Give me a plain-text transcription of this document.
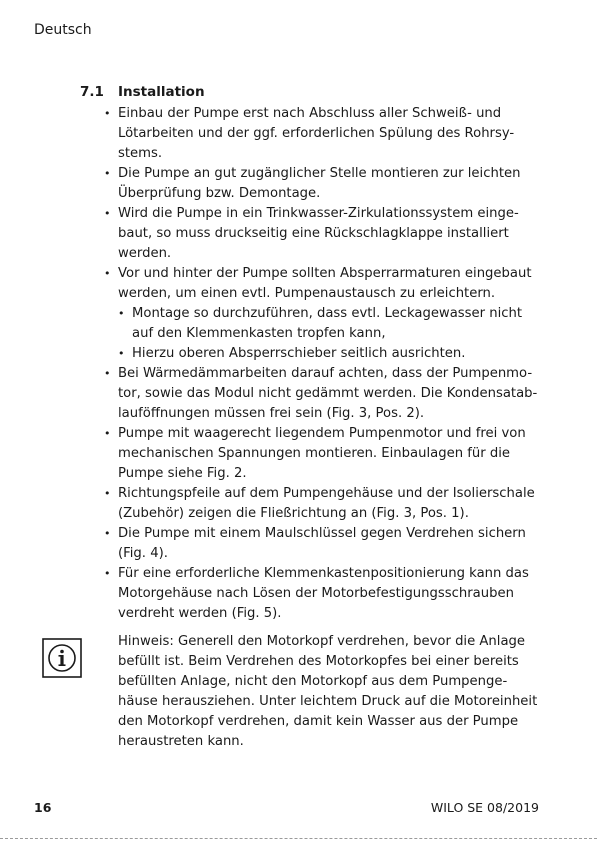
Deutsch
7.1	Installation
• Einbau der Pumpe erst nach Abschluss aller Schweiß- und Lötarbeiten und der ggf. erforderlichen Spülung des Rohrsy-stems.
• Die Pumpe an gut zugänglicher Stelle montieren zur leichten Überprüfung bzw. Demontage.
• Wird die Pumpe in ein Trinkwasser-Zirkulationssystem einge-baut, so muss druckseitig eine Rückschlagklappe installiert werden.
• Vor und hinter der Pumpe sollten Absperrarmaturen eingebaut werden, um einen evtl. Pumpenaustausch zu erleichtern.
• Montage so durchzuführen, dass evtl. Leckagewasser nicht auf den Klemmenkasten tropfen kann,
• Hierzu oberen Absperrschieber seitlich ausrichten.
• Bei Wärmedämmarbeiten darauf achten, dass der Pumpenmo-tor, sowie das Modul nicht gedämmt werden. Die Kondensatab-lauföffnungen müssen frei sein (Fig. 3, Pos. 2).
• Pumpe mit waagerecht liegendem Pumpenmotor und frei von mechanischen Spannungen montieren. Einbaulagen für die Pumpe siehe Fig. 2.
• Richtungspfeile auf dem Pumpengehäuse und der Isolierschale (Zubehör) zeigen die Fließrichtung an (Fig. 3, Pos. 1).
• Die Pumpe mit einem Maulschlüssel gegen Verdrehen sichern (Fig. 4).
• Für eine erforderliche Klemmenkastenpositionierung kann das Motorgehäuse nach Lösen der Motorbefestigungsschrauben verdreht werden (Fig. 5).

Hinweis: Generell den Motorkopf verdrehen, bevor die Anlage befüllt ist. Beim Verdrehen des Motorkopfes bei einer bereits befüllten Anlage, nicht den Motorkopf aus dem Pumpenge-häuse herausziehen. Unter leichtem Druck auf die Motoreinheit den Motorkopf verdrehen, damit kein Wasser aus der Pumpe heraustreten kann.

16	WILO SE 08/2019
